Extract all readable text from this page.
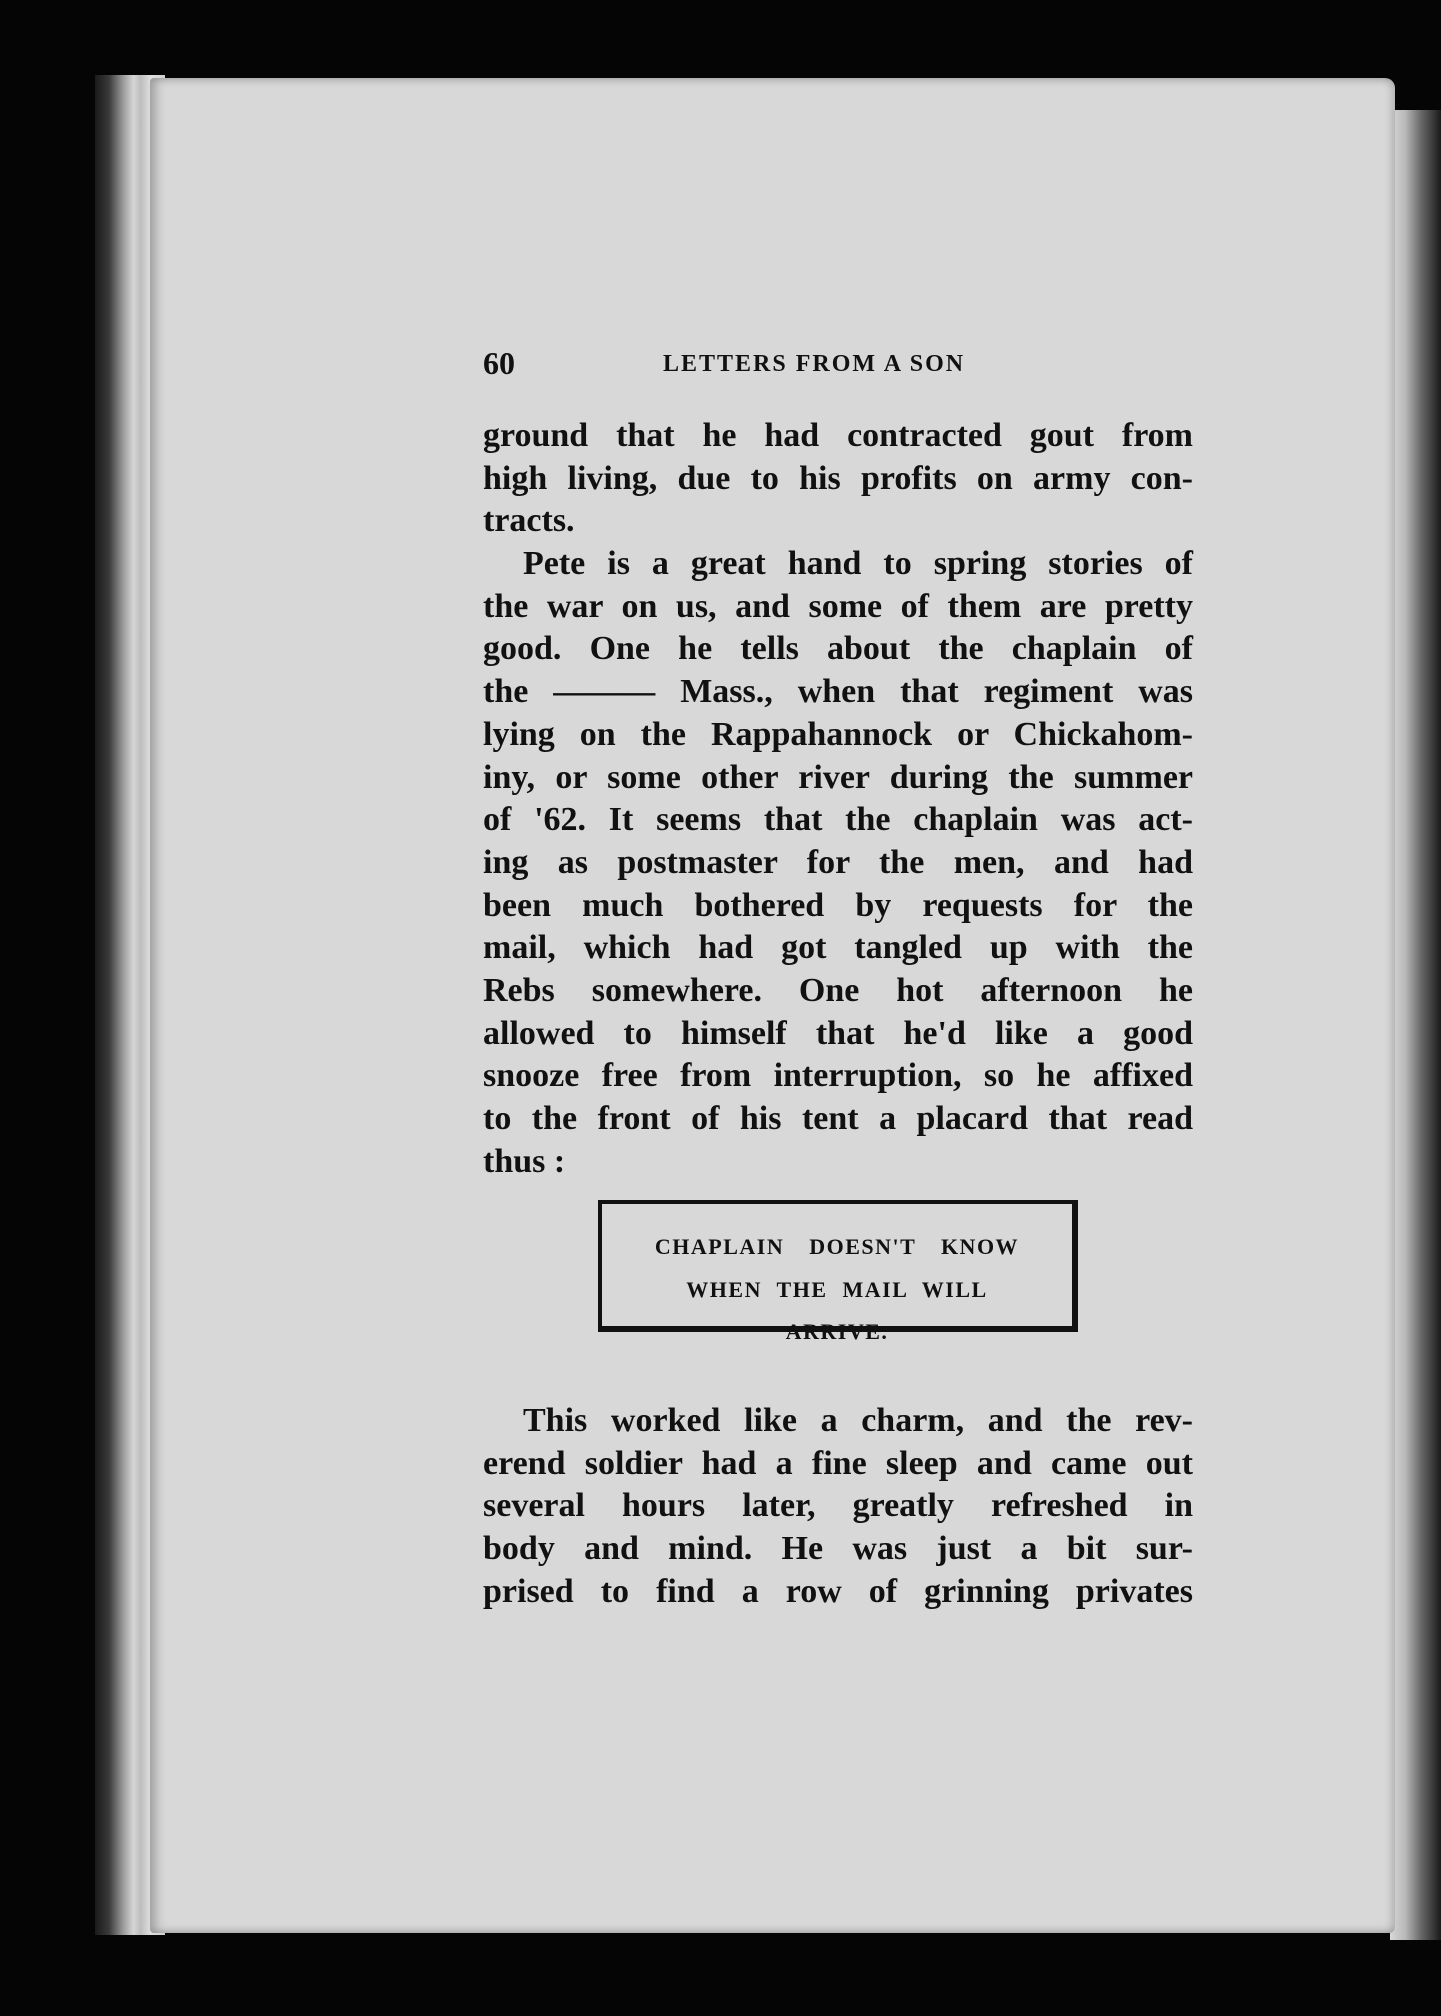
60	LETTERS FROM A SON
ground that he had contracted gout from
high living, due to his profits on army con-
tracts.
Pete is a great hand to spring stories of
the war on us, and some of them are pretty
good. One he tells about the chaplain of
the ——— Mass., when that regiment was
lying on the Rappahannock or Chickahom-
iny, or some other river during the summer
of '62. It seems that the chaplain was act-
ing as postmaster for the men, and had
been much bothered by requests for the
mail, which had got tangled up with the
Rebs somewhere. One hot afternoon he
allowed to himself that he'd like a good
snooze free from interruption, so he affixed
to the front of his tent a placard that read
thus :
CHAPLAIN DOESN'T KNOW
WHEN THE MAIL WILL
ARRIVE.
This worked like a charm, and the rev-
erend soldier had a fine sleep and came out
several hours later, greatly refreshed in
body and mind. He was just a bit sur-
prised to find a row of grinning privates
